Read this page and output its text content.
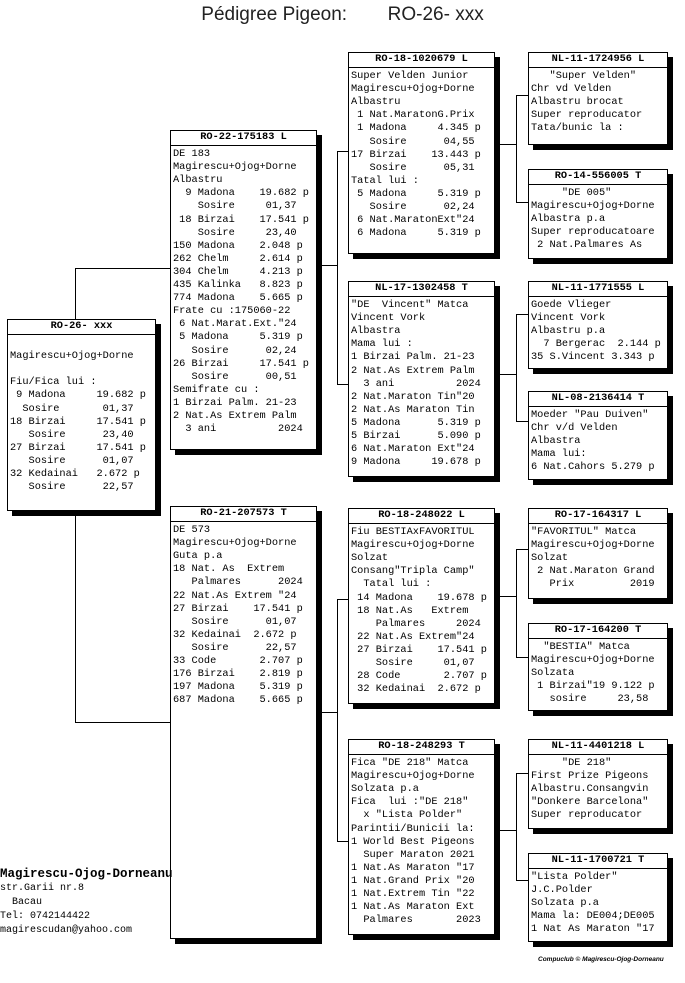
Pédigree Pigeon: RO-26- xxx
RO-26- xxx
Magirescu+Ojog+Dorne
Fiu/Fica lui :
9 Madona     19.682 p
Sosire       01,37
18 Birzai     17.541 p
Sosire      23,40
27 Birzai     17.541 p
Sosire      01,07
32 Kedainai   2.672 p
Sosire      22,57
RO-22-175183 L
DE 183
Magirescu+Ojog+Dorne
Albastru
9 Madona    19.682 p
Sosire     01,37
18 Birzai    17.541 p
Sosire     23,40
150 Madona    2.048 p
262 Chelm     2.614 p
304 Chelm     4.213 p
435 Kalinka   8.823 p
774 Madona    5.665 p
Frate cu :175060-22
6 Nat.Marat.Ext."24
5 Madona     5.319 p
Sosire      02,24
26 Birzai     17.541 p
Sosire      00,51
Semifrate cu :
1 Birzai Palm. 21-23
2 Nat.As Extrem Palm
3 ani          2024
RO-21-207573 T
DE 573
Magirescu+Ojog+Dorne
Guta p.a
18 Nat. As  Extrem
Palmares      2024
22 Nat.As Extrem "24
27 Birzai    17.541 p
Sosire      01,07
32 Kedainai  2.672 p
Sosire      22,57
33 Code       2.707 p
176 Birzai    2.819 p
197 Madona    5.319 p
687 Madona    5.665 p
RO-18-1020679 L
Super Velden Junior
Magirescu+Ojog+Dorne
Albastru
1 Nat.MaratonG.Prix
1 Madona     4.345 p
Sosire      04,55
17 Birzai    13.443 p
Sosire      05,31
Tatal lui :
5 Madona     5.319 p
Sosire      02,24
6 Nat.MaratonExt"24
6 Madona     5.319 p
NL-17-1302458 T
"DE  Vincent" Matca
Vincent Vork
Albastra
Mama lui :
1 Birzai Palm. 21-23
2 Nat.As Extrem Palm
3 ani          2024
2 Nat.Maraton Tin"20
2 Nat.As Maraton Tin
5 Madona      5.319 p
5 Birzai      5.090 p
6 Nat.Maraton Ext"24
9 Madona     19.678 p
RO-18-248022 L
Fiu BESTIAxFAVORITUL
Magirescu+Ojog+Dorne
Solzat
Consang"Tripla Camp"
Tatal lui :
14 Madona    19.678 p
18 Nat.As   Extrem
Palmares     2024
22 Nat.As Extrem"24
27 Birzai    17.541 p
Sosire     01,07
28 Code       2.707 p
32 Kedainai  2.672 p
RO-18-248293 T
Fica "DE 218" Matca
Magirescu+Ojog+Dorne
Solzata p.a
Fica  lui :"DE 218"
x "Lista Polder"
Parintii/Bunicii la:
1 World Best Pigeons
Super Maraton 2021
1 Nat.As Maraton "17
1 Nat.Grand Prix "20
1 Nat.Extrem Tin "22
1 Nat.As Maraton Ext
Palmares       2023
NL-11-1724956 L
"Super Velden"
Chr vd Velden
Albastru brocat
Super reproducator
Tata/bunic la :
RO-14-556005 T
"DE 005"
Magirescu+Ojog+Dorne
Albastra p.a
Super reproducatoare
2 Nat.Palmares As
NL-11-1771555 L
Goede Vlieger
Vincent Vork
Albastru p.a
7 Bergerac  2.144 p
35 S.Vincent 3.343 p
NL-08-2136414 T
Moeder "Pau Duiven"
Chr v/d Velden
Albastra
Mama lui:
6 Nat.Cahors 5.279 p
RO-17-164317 L
"FAVORITUL" Matca
Magirescu+Ojog+Dorne
Solzat
2 Nat.Maraton Grand
Prix         2019
RO-17-164200 T
"BESTIA" Matca
Magirescu+Ojog+Dorne
Solzata
1 Birzai"19 9.122 p
sosire     23,58
NL-11-4401218 L
"DE 218"
First Prize Pigeons
Albastru.Consangvin
"Donkere Barcelona"
Super reproducator
NL-11-1700721 T
"Lista Polder"
J.C.Polder
Solzata p.a
Mama la: DE004;DE005
1 Nat As Maraton "17
Magirescu-Ojog-Dorneanu
str.Garii nr.8
Bacau
Tel: 0742144422
magirescudan@yahoo.com
Compuclub © Magirescu-Ojog-Dorneanu
